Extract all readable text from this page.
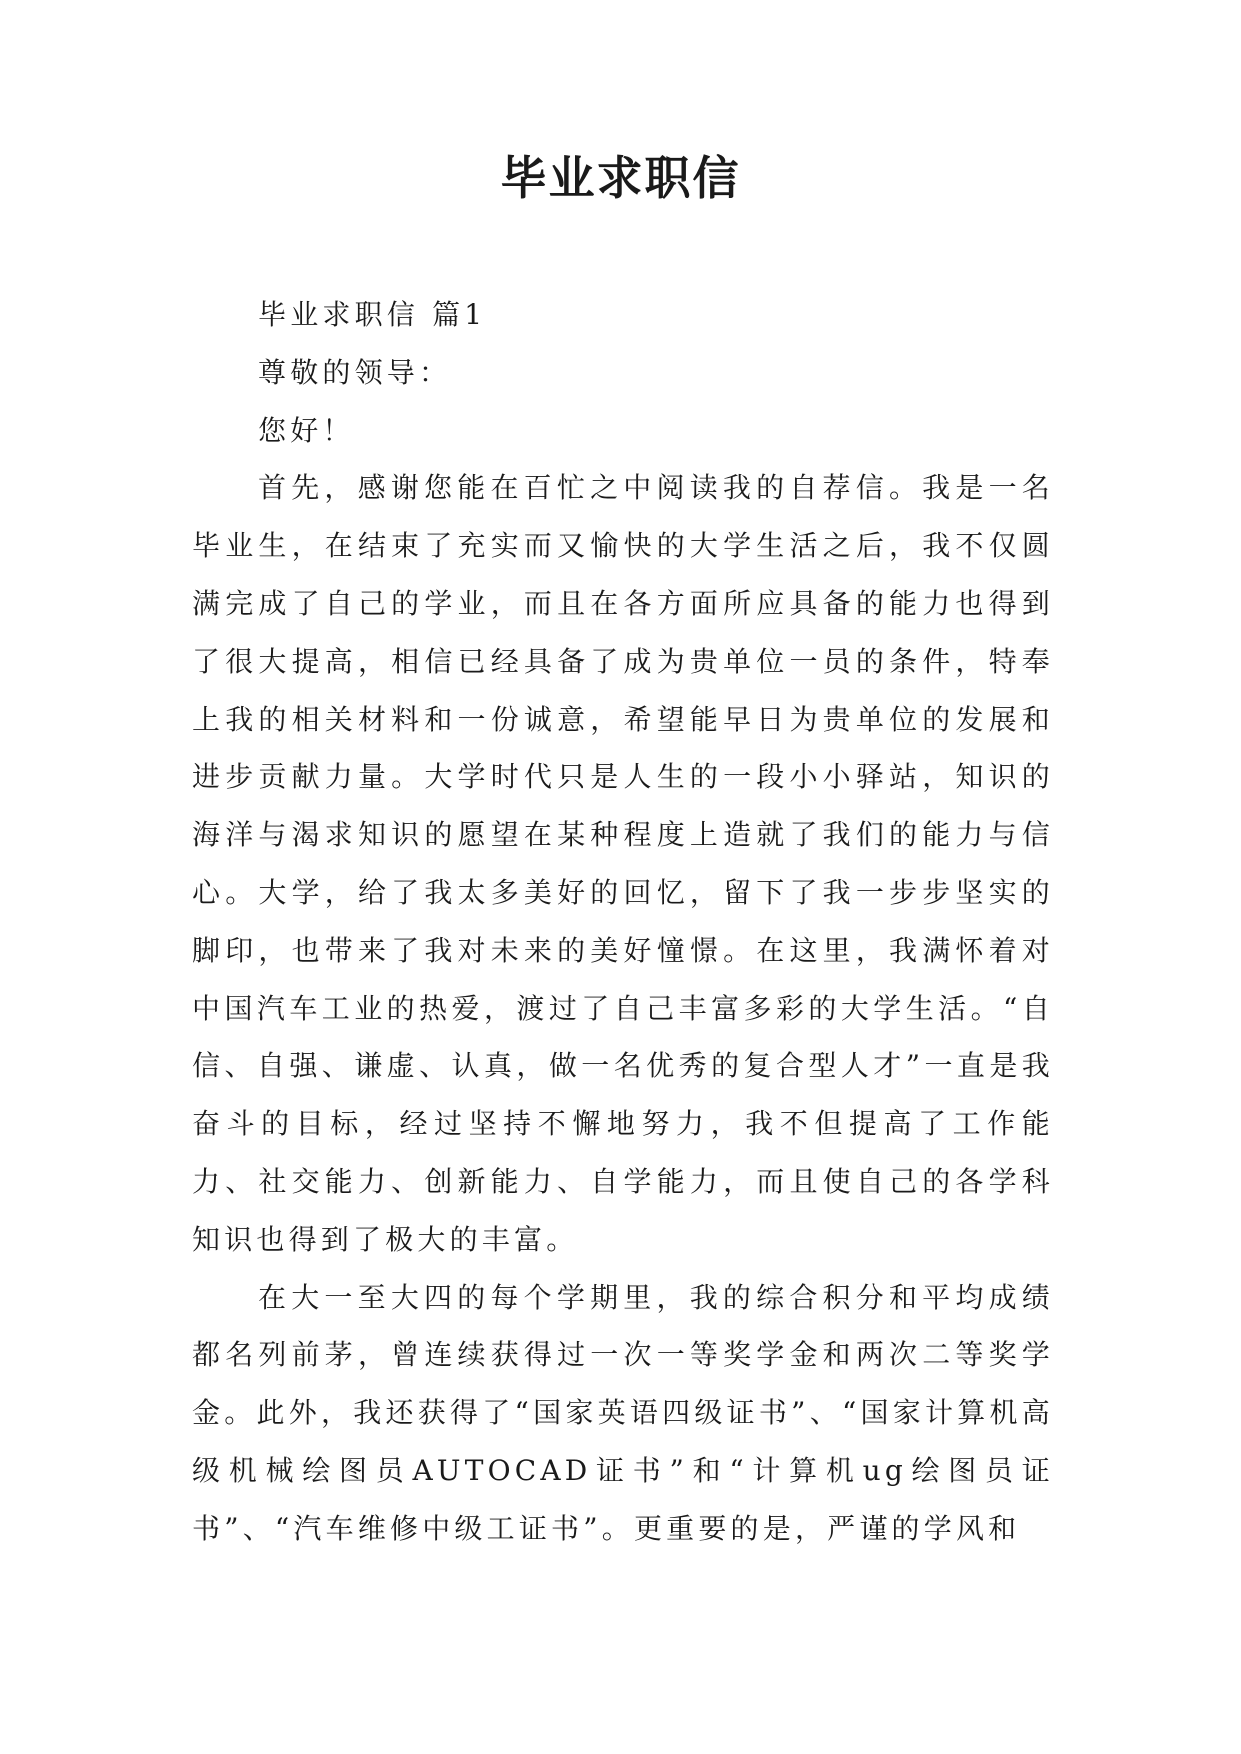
毕业求职信

毕业求职信 篇1

尊敬的领导：

您好！

首先，感谢您能在百忙之中阅读我的自荐信。我是一名毕业生，在结束了充实而又愉快的大学生活之后，我不仅圆满完成了自己的学业，而且在各方面所应具备的能力也得到了很大提高，相信已经具备了成为贵单位一员的条件，特奉上我的相关材料和一份诚意，希望能早日为贵单位的发展和进步贡献力量。大学时代只是人生的一段小小驿站，知识的海洋与渴求知识的愿望在某种程度上造就了我们的能力与信心。大学，给了我太多美好的回忆，留下了我一步步坚实的脚印，也带来了我对未来的美好憧憬。在这里，我满怀着对中国汽车工业的热爱，渡过了自己丰富多彩的大学生活。“自信、自强、谦虚、认真，做一名优秀的复合型人才”一直是我奋斗的目标，经过坚持不懈地努力，我不但提高了工作能力、社交能力、创新能力、自学能力，而且使自己的各学科知识也得到了极大的丰富。

在大一至大四的每个学期里，我的综合积分和平均成绩都名列前茅，曾连续获得过一次一等奖学金和两次二等奖学金。此外，我还获得了“国家英语四级证书”、“国家计算机高级机械绘图员AUTOCAD证书”和“计算机ug绘图员证书”、“汽车维修中级工证书”。更重要的是，严谨的学风和
